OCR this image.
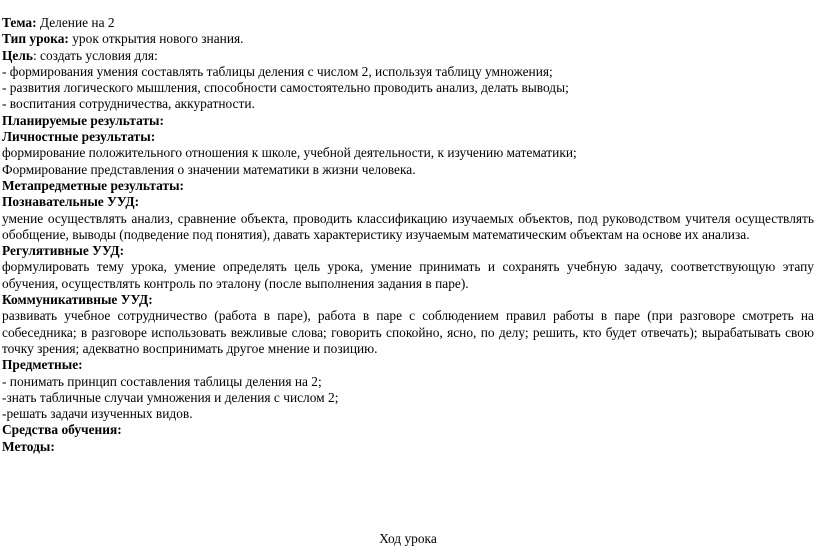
Тема: Деление на 2

Тип урока: урок открытия нового знания.

Цель: создать условия для:

- формирования умения составлять таблицы деления с числом 2, используя таблицу умножения;

- развития логического мышления, способности самостоятельно проводить анализ, делать выводы;

- воспитания сотрудничества, аккуратности.

Планируемые результаты:

Личностные результаты:

формирование положительного отношения к школе, учебной деятельности, к изучению математики;

Формирование представления о значении математики в жизни человека.

Метапредметные результаты:

Познавательные УУД:

умение осуществлять анализ, сравнение объекта, проводить классификацию изучаемых объектов, под руководством учителя осуществлять обобщение, выводы (подведение под понятия), давать характеристику изучаемым математическим объектам на основе их анализа.

Регулятивные УУД:

формулировать тему урока, умение определять цель урока, умение принимать и сохранять учебную задачу, соответствующую этапу обучения, осуществлять контроль по эталону (после выполнения задания в паре).

Коммуникативные УУД:

развивать учебное сотрудничество (работа в паре), работа в паре с соблюдением правил работы в паре (при разговоре смотреть на собеседника; в разговоре использовать вежливые слова; говорить спокойно, ясно, по делу; решить, кто будет отвечать); вырабатывать свою точку зрения; адекватно воспринимать другое мнение и позицию.

Предметные:

- понимать принцип составления таблицы деления на 2;

-знать табличные случаи умножения и деления с числом 2;

-решать задачи изученных видов.

Средства обучения:

Методы:

Ход урока
